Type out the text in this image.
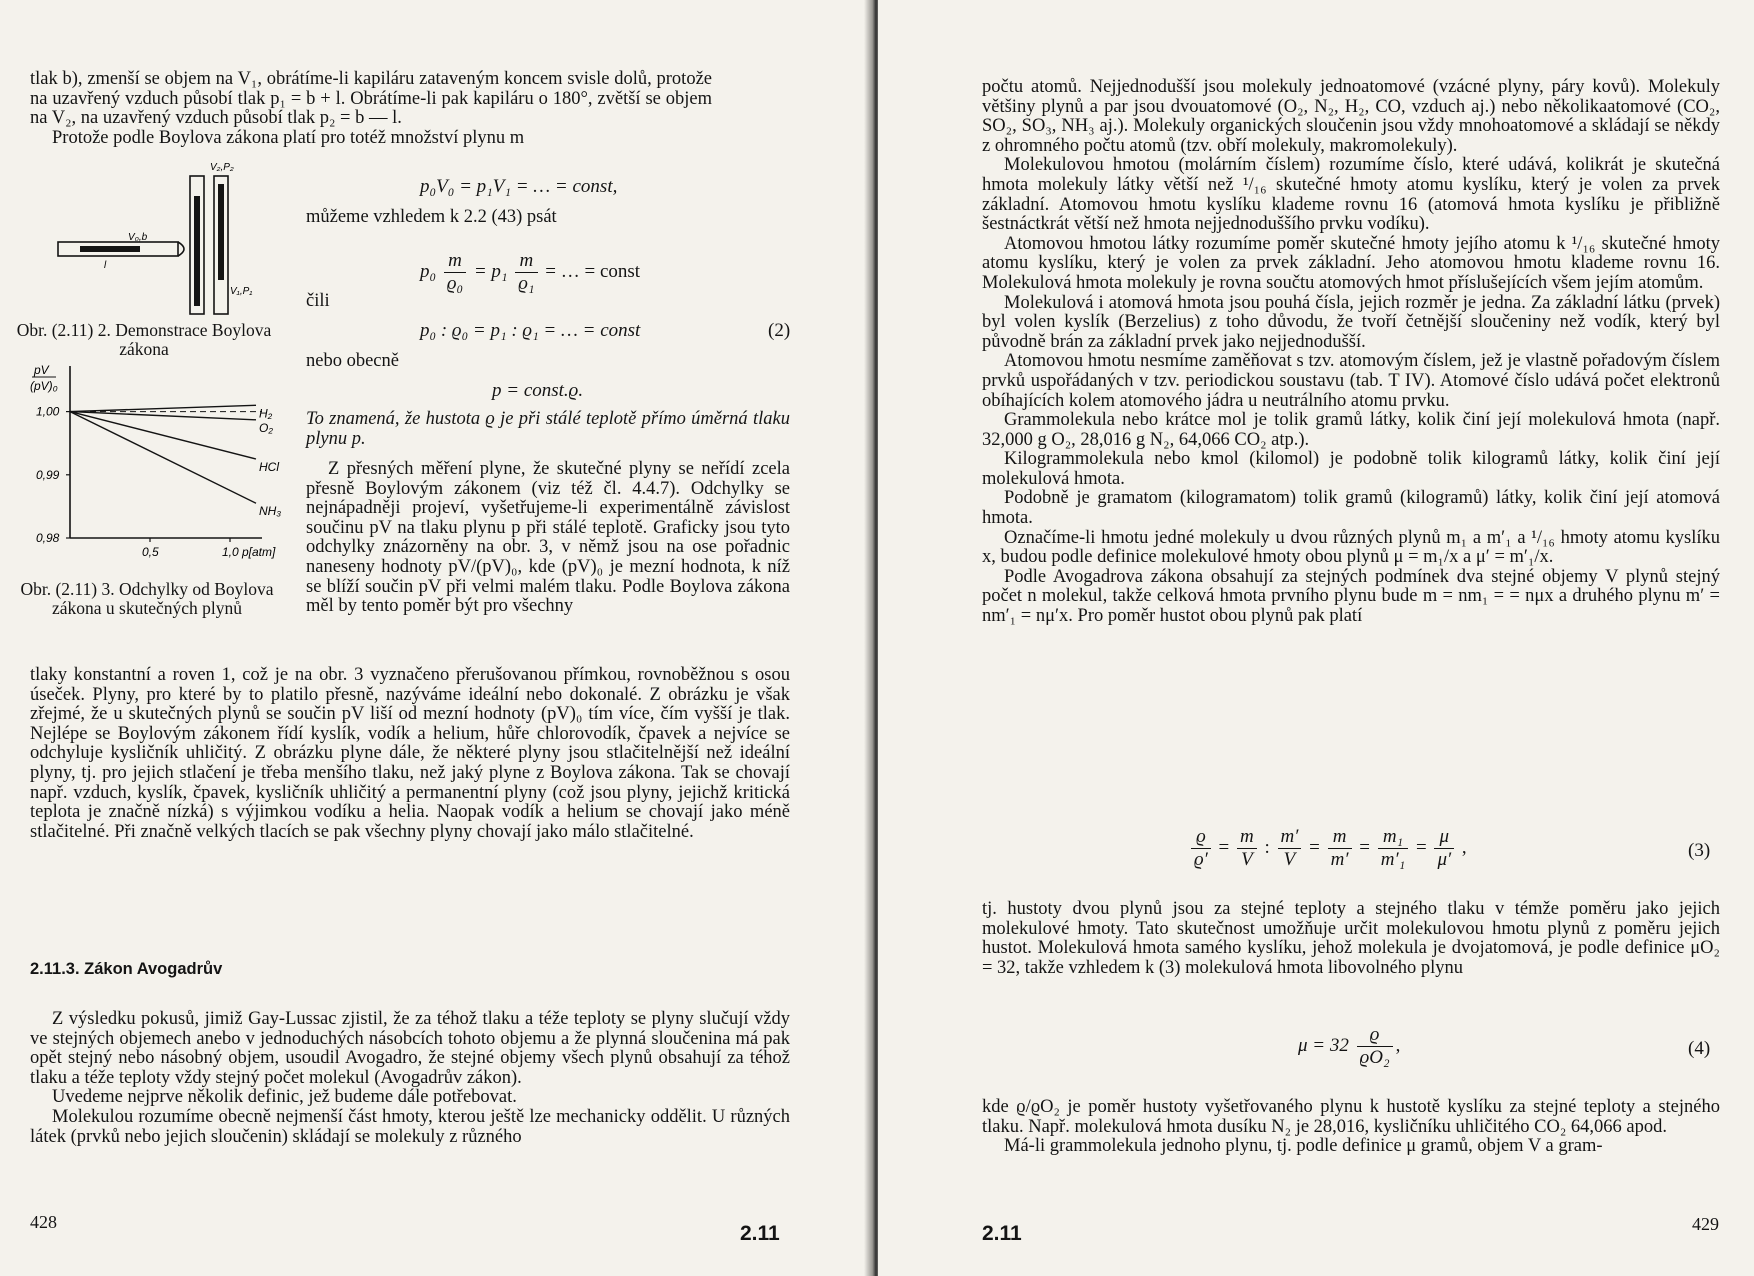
tlak b), zmenší se objem na V₁, obrátíme-li kapiláru zataveným koncem svisle dolů, protože na uzavřený vzduch působí tlak p₁ = b + l. Obrátíme-li pak kapiláru o 180°, zvětší se objem na V₂, na uzavřený vzduch působí tlak p₂ = b — l.

Protože podle Boylova zákona platí pro totéž množství plynu m

V₂,P₂
V₀,b
l
V₁,P₁
Obr. (2.11) 2. Demonstrace Boylova zákona
pV
(pV)₀
1,00
0,99
0,98
0,5	1,0 p[atm]
H₂
O₂
HCl
NH₃
Obr. (2.11) 3. Odchylky od Boylova zákona u skutečných plynů
p₀V₀ = p₁V₁ = … = const,
můžeme vzhledem k 2.2 (43) psát
$p_0 \frac{m}{\text{ϱ₀}} = p_1 \frac{m}{\text{ϱ₁}}$ = … = const
čili
p₀ : ϱ₀ = p₁ : ϱ₁ = … = const	(2)
nebo obecně
p = const.ϱ.
To znamená, že hustota ϱ je při stálé teplotě přímo úměrná tlaku plynu p.

Z přesných měření plyne, že skutečné plyny se neřídí zcela přesně Boylovým zákonem (viz též čl. 4.4.7). Odchylky se nejnápadněji projeví, vyšetřujeme-li experimentálně závislost součinu pV na tlaku plynu p při stálé teplotě. Graficky jsou tyto odchylky znázorněny na obr. 3, v němž jsou na ose pořadnic naneseny hodnoty pV/(pV)₀, kde (pV)₀ je mezní hodnota, k níž se blíží součin pV při velmi malém tlaku. Podle Boylova zákona měl by tento poměr být pro všechny

tlaky konstantní a roven 1, což je na obr. 3 vyznačeno přerušovanou přímkou, rovnoběžnou s osou úseček. Plyny, pro které by to platilo přesně, nazýváme ideální nebo dokonalé. Z obrázku je však zřejmé, že u skutečných plynů se součin pV liší od mezní hodnoty (pV)₀ tím více, čím vyšší je tlak. Nejlépe se Boylovým zákonem řídí kyslík, vodík a helium, hůře chlorovodík, čpavek a nejvíce se odchyluje kysličník uhličitý. Z obrázku plyne dále, že některé plyny jsou stlačitelnější než ideální plyny, tj. pro jejich stlačení je třeba menšího tlaku, než jaký plyne z Boylova zákona. Tak se chovají např. vzduch, kyslík, čpavek, kysličník uhličitý a permanentní plyny (což jsou plyny, jejichž kritická teplota je značně nízká) s výjimkou vodíku a helia. Naopak vodík a helium se chovají jako méně stlačitelné. Při značně velkých tlacích se pak všechny plyny chovají jako málo stlačitelné.
2.11.3. Zákon Avogadrův

Z výsledku pokusů, jimiž Gay-Lussac zjistil, že za téhož tlaku a téže teploty se plyny slučují vždy ve stejných objemech anebo v jednoduchých násobcích tohoto objemu a že plynná sloučenina má pak opět stejný nebo násobný objem, usoudil Avogadro, že stejné objemy všech plynů obsahují za téhož tlaku a téže teploty vždy stejný počet molekul (Avogadrův zákon).

Uvedeme nejprve několik definic, jež budeme dále potřebovat.

Molekulou rozumíme obecně nejmenší část hmoty, kterou ještě lze mechanicky oddělit. U různých látek (prvků nebo jejich sloučenin) skládají se molekuly z různého

428	2.11

počtu atomů. Nejjednodušší jsou molekuly jednoatomové (vzácné plyny, páry kovů). Molekuly většiny plynů a par jsou dvouatomové (O₂, N₂, H₂, CO, vzduch aj.) nebo několikaatomové (CO₂, SO₂, SO₃, NH₃ aj.). Molekuly organických sloučenin jsou vždy mnohoatomové a skládají se někdy z ohromného počtu atomů (tzv. obří molekuly, makromolekuly).

Molekulovou hmotou (molárním číslem) rozumíme číslo, které udává, kolikrát je skutečná hmota molekuly látky větší než ¹/₁₆ skutečné hmoty atomu kyslíku, který je volen za prvek základní. Atomovou hmotu kyslíku klademe rovnu 16 (atomová hmota kyslíku je přibližně šestnáctkrát větší než hmota nejjednoduššího prvku vodíku).

Atomovou hmotou látky rozumíme poměr skutečné hmoty jejího atomu k ¹/₁₆ skutečné hmoty atomu kyslíku, který je volen za prvek základní. Jeho atomovou hmotu klademe rovnu 16. Molekulová hmota molekuly je rovna součtu atomových hmot příslušejících všem jejím atomům.

Molekulová i atomová hmota jsou pouhá čísla, jejich rozměr je jedna. Za základní látku (prvek) byl volen kyslík (Berzelius) z toho důvodu, že tvoří četnější sloučeniny než vodík, který byl původně brán za základní prvek jako nejjednodušší.

Atomovou hmotu nesmíme zaměňovat s tzv. atomovým číslem, jež je vlastně pořadovým číslem prvků uspořádaných v tzv. periodickou soustavu (tab. T IV). Atomové číslo udává počet elektronů obíhajících kolem atomového jádra u neutrálního atomu prvku.

Grammolekula nebo krátce mol je tolik gramů látky, kolik činí její molekulová hmota (např. 32,000 g O₂, 28,016 g N₂, 64,066 CO₂ atp.).

Kilogrammolekula nebo kmol (kilomol) je podobně tolik kilogramů látky, kolik činí její molekulová hmota.

Podobně je gramatom (kilogramatom) tolik gramů (kilogramů) látky, kolik činí její atomová hmota.

Označíme-li hmotu jedné molekuly u dvou různých plynů m₁ a m′₁ a ¹/₁₆ hmoty atomu kyslíku x, budou podle definice molekulové hmoty obou plynů μ = m₁/x a μ′ = m′₁/x.

Podle Avogadrova zákona obsahují za stejných podmínek dva stejné objemy V plynů stejný počet n molekul, takže celková hmota prvního plynu bude m = nm₁ = = nμx a druhého plynu m′ = nm′₁ = nμ′x. Pro poměr hustot obou plynů pak platí

$\frac{ϱ}{ϱ'} = \frac{m}{V}$ : $\frac{m'}{V} = \frac{m}{m'} = \frac{\text{m₁}}{\text{m′₁}} = \frac{\mu}{\mu'}$ ,	(3)

tj. hustoty dvou plynů jsou za stejné teploty a stejného tlaku v témže poměru jako jejich molekulové hmoty. Tato skutečnost umožňuje určit molekulovou hmotu plynů z poměru jejich hustot. Molekulová hmota samého kyslíku, jehož molekula je dvojatomová, je podle definice μO₂ = 32, takže vzhledem k (3) molekulová hmota libovolného plynu

$\mu = 32 \frac{ϱ}{\text{ϱO₂}}$ ,	(4)

kde ϱ/ϱO₂ je poměr hustoty vyšetřovaného plynu k hustotě kyslíku za stejné teploty a stejného tlaku. Např. molekulová hmota dusíku N₂ je 28,016, kysličníku uhličitého CO₂ 64,066 apod.

Má-li grammolekula jednoho plynu, tj. podle definice μ gramů, objem V a gram-

2.11	429
